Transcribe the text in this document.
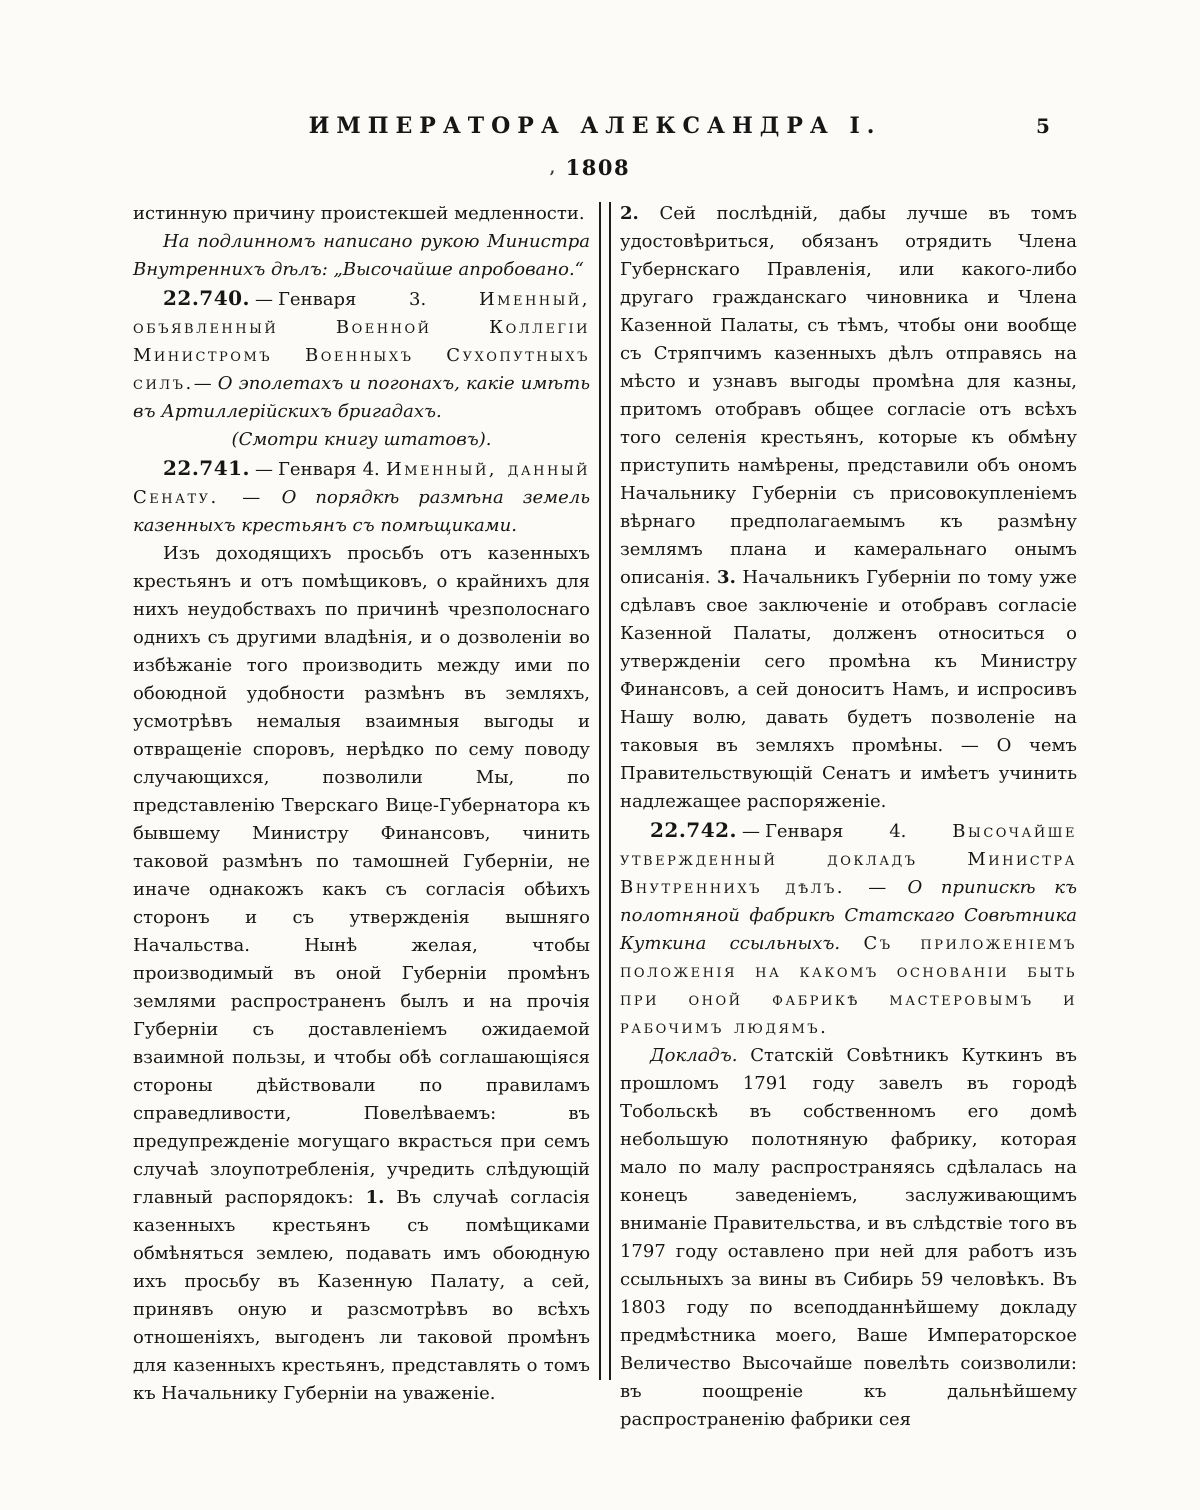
ИМПЕРАТОРА АЛЕКСАНДРА I.	5
, 1808

истинную причину проистекшей медленности.

На подлинномъ написано рукою Министра Внутреннихъ дѣлъ: „Высочайше апробовано.“

22.740. — Генваря 3.	Именный, объявленный Военной Коллегіи Министромъ Военныхъ Сухопутныхъ силъ.— О эполетахъ и погонахъ, какіе имѣть въ Артиллерійскихъ бригадахъ.

(Смотри книгу штатовъ).

22.741. — Генваря 4. Именный, данный Сенату. — О порядкѣ размѣна земель казенныхъ крестьянъ съ помѣщиками.

Изъ доходящихъ просьбъ отъ казенныхъ крестьянъ и отъ помѣщиковъ, о крайнихъ для нихъ неудобствахъ по причинѣ чрезполоснаго однихъ съ другими владѣнія, и о дозволеніи во избѣжаніе того производить между ими по обоюдной удобности размѣнъ въ земляхъ, усмотрѣвъ немалыя взаимныя выгоды и отвращеніе споровъ, нерѣдко по сему поводу случающихся, позволили Мы, по представленію Тверскаго Вице-Губернатора къ бывшему Министру Финансовъ, чинить таковой размѣнъ по тамошней Губерніи, не иначе однакожъ какъ съ согласія обѣихъ сторонъ и съ утвержденія вышняго Начальства. Нынѣ желая, чтобы производимый въ оной Губерніи промѣнъ землями распространенъ былъ и на прочія Губерніи съ доставленіемъ ожидаемой взаимной пользы, и чтобы обѣ соглашающіяся стороны дѣйствовали по правиламъ справедливости, Повелѣваемъ: въ предупрежденіе могущаго вкрасться при семъ случаѣ злоупотребленія, учредить слѣдующій главный распорядокъ: 1. Въ случаѣ согласія казенныхъ крестьянъ съ помѣщиками обмѣняться землею, подавать имъ обоюдную ихъ просьбу въ Казенную Палату, а сей, принявъ оную и разсмотрѣвъ во всѣхъ отношеніяхъ, выгоденъ ли таковой промѣнъ для казенныхъ крестьянъ, представлять о томъ къ Начальнику Губерніи на уваженіе.

2. Сей послѣдній, дабы лучше въ томъ удостовѣриться, обязанъ отрядить Члена Губернскаго Правленія, или какого-либо другаго гражданскаго чиновника и Члена Казенной Палаты, съ тѣмъ, чтобы они вообще съ Стряпчимъ казенныхъ дѣлъ отправясь на мѣсто и узнавъ выгоды промѣна для казны, притомъ отобравъ общее согласіе отъ всѣхъ того селенія крестьянъ, которые къ обмѣну приступить намѣрены, представили объ ономъ Начальнику Губерніи съ присовокупленіемъ вѣрнаго предполагаемымъ къ размѣну землямъ плана и камеральнаго онымъ описанія. 3. Начальникъ Губерніи по тому уже сдѣлавъ свое заключеніе и отобравъ согласіе Казенной Палаты, долженъ относиться о утвержденіи сего промѣна къ Министру Финансовъ, а сей доноситъ Намъ, и испросивъ Нашу волю, давать будетъ позволеніе на таковыя въ земляхъ промѣны. — О чемъ Правительствующій Сенатъ и имѣетъ учинить надлежащее распоряженіе.

22.742. — Генваря 4.	Высочайше утвержденный докладъ Министра Внутреннихъ дѣлъ. — О припискѣ къ полотняной фабрикѣ Статскаго Совѣтника Куткина ссыльныхъ. Съ приложеніемъ положенія на какомъ основаніи быть при оной фабрикѣ мастеровымъ и рабочимъ людямъ.

Докладъ. Статскій Совѣтникъ Куткинъ въ прошломъ 1791 году завелъ въ городѣ Тобольскѣ въ собственномъ его домѣ небольшую полотняную фабрику, которая мало по малу распространяясь сдѣлалась на конецъ заведеніемъ, заслуживающимъ вниманіе Правительства, и въ слѣдствіе того въ 1797 году оставлено при ней для работъ изъ ссыльныхъ за вины въ Сибирь 59 человѣкъ. Въ 1803 году по всеподданнѣйшему докладу предмѣстника моего, Ваше Императорское Величество Высочайше повелѣть соизволили: въ поощреніе къ дальнѣйшему распространенію фабрики сея
